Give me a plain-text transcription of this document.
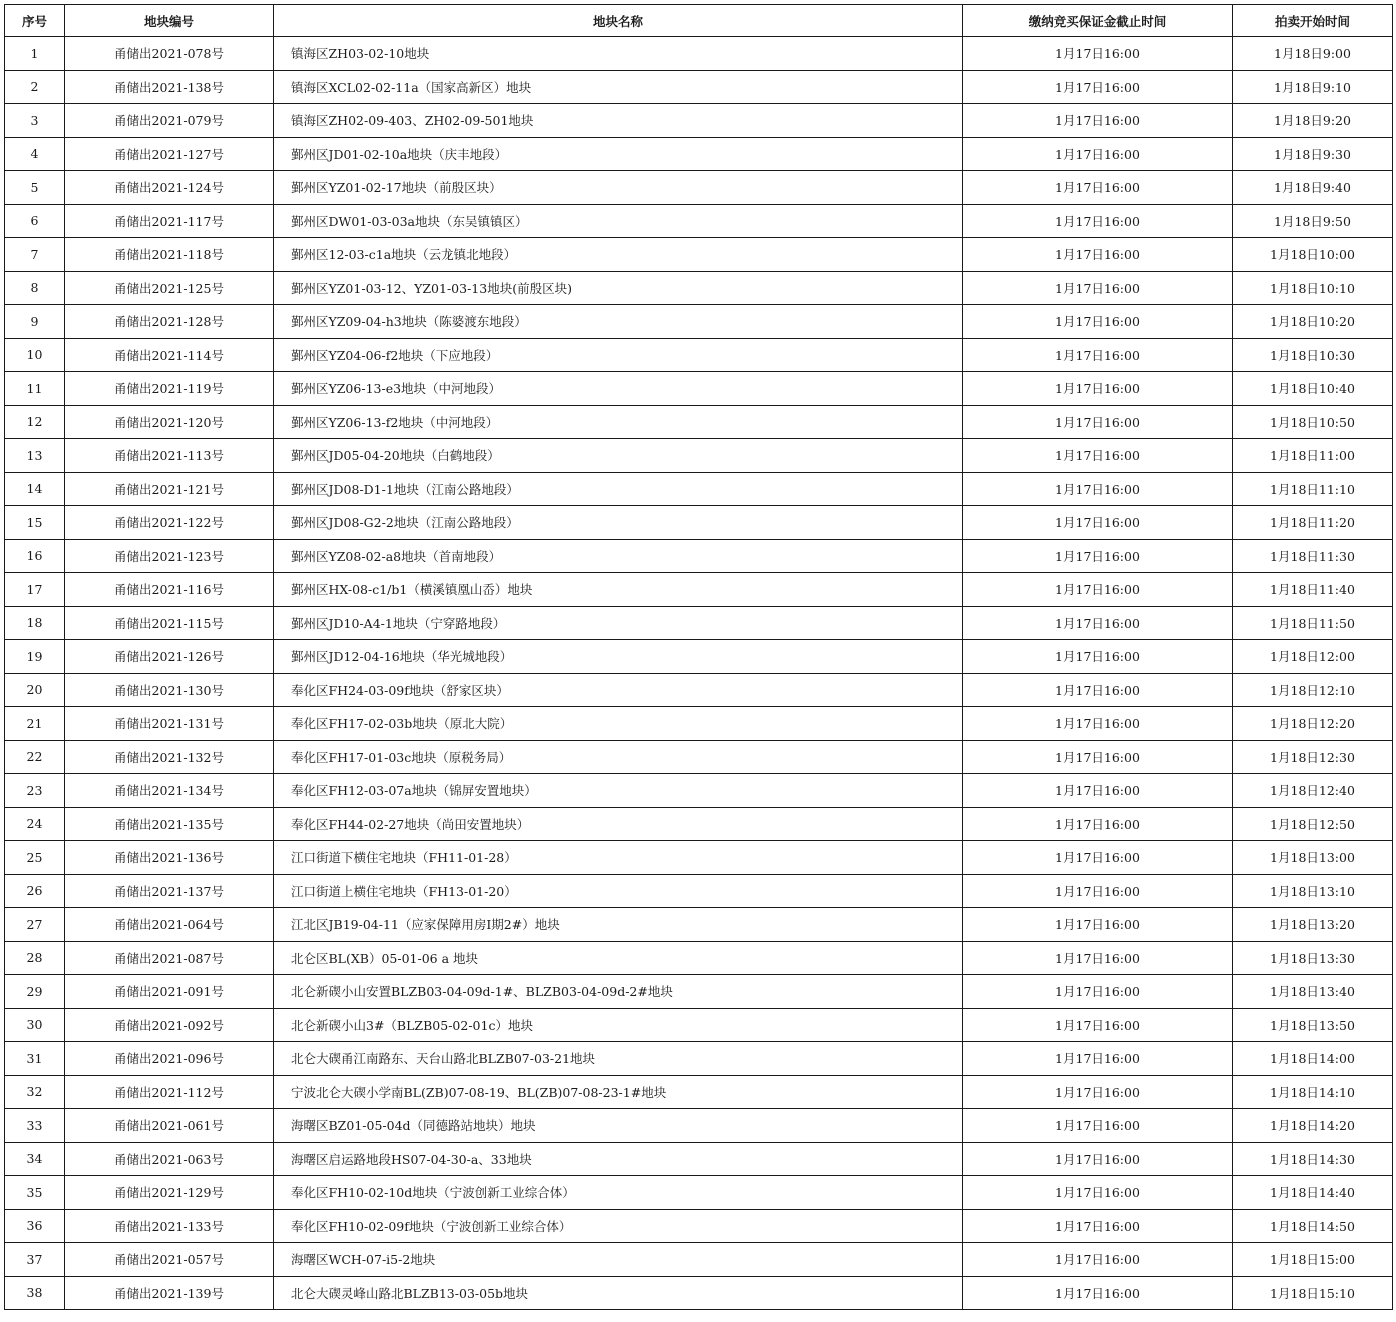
序号	地块编号	地块名称	缴纳竞买保证金截止时间	拍卖开始时间
1	甬储出2021-078号	镇海区ZH03-02-10地块	1月17日16:00	1月18日9:00
2	甬储出2021-138号	镇海区XCL02-02-11a（国家高新区）地块	1月17日16:00	1月18日9:10
3	甬储出2021-079号	镇海区ZH02-09-403、ZH02-09-501地块	1月17日16:00	1月18日9:20
4	甬储出2021-127号	鄞州区JD01-02-10a地块（庆丰地段）	1月17日16:00	1月18日9:30
5	甬储出2021-124号	鄞州区YZ01-02-17地块（前殷区块）	1月17日16:00	1月18日9:40
6	甬储出2021-117号	鄞州区DW01-03-03a地块（东吴镇镇区）	1月17日16:00	1月18日9:50
7	甬储出2021-118号	鄞州区12-03-c1a地块（云龙镇北地段）	1月17日16:00	1月18日10:00
8	甬储出2021-125号	鄞州区YZ01-03-12、YZ01-03-13地块(前殷区块)	1月17日16:00	1月18日10:10
9	甬储出2021-128号	鄞州区YZ09-04-h3地块（陈婆渡东地段）	1月17日16:00	1月18日10:20
10	甬储出2021-114号	鄞州区YZ04-06-f2地块（下应地段）	1月17日16:00	1月18日10:30
11	甬储出2021-119号	鄞州区YZ06-13-e3地块（中河地段）	1月17日16:00	1月18日10:40
12	甬储出2021-120号	鄞州区YZ06-13-f2地块（中河地段）	1月17日16:00	1月18日10:50
13	甬储出2021-113号	鄞州区JD05-04-20地块（白鹤地段）	1月17日16:00	1月18日11:00
14	甬储出2021-121号	鄞州区JD08-D1-1地块（江南公路地段）	1月17日16:00	1月18日11:10
15	甬储出2021-122号	鄞州区JD08-G2-2地块（江南公路地段）	1月17日16:00	1月18日11:20
16	甬储出2021-123号	鄞州区YZ08-02-a8地块（首南地段）	1月17日16:00	1月18日11:30
17	甬储出2021-116号	鄞州区HX-08-c1/b1（横溪镇凰山岙）地块	1月17日16:00	1月18日11:40
18	甬储出2021-115号	鄞州区JD10-A4-1地块（宁穿路地段）	1月17日16:00	1月18日11:50
19	甬储出2021-126号	鄞州区JD12-04-16地块（华光城地段）	1月17日16:00	1月18日12:00
20	甬储出2021-130号	奉化区FH24-03-09f地块（舒家区块）	1月17日16:00	1月18日12:10
21	甬储出2021-131号	奉化区FH17-02-03b地块（原北大院）	1月17日16:00	1月18日12:20
22	甬储出2021-132号	奉化区FH17-01-03c地块（原税务局）	1月17日16:00	1月18日12:30
23	甬储出2021-134号	奉化区FH12-03-07a地块（锦屏安置地块）	1月17日16:00	1月18日12:40
24	甬储出2021-135号	奉化区FH44-02-27地块（尚田安置地块）	1月17日16:00	1月18日12:50
25	甬储出2021-136号	江口街道下横住宅地块（FH11-01-28）	1月17日16:00	1月18日13:00
26	甬储出2021-137号	江口街道上横住宅地块（FH13-01-20）	1月17日16:00	1月18日13:10
27	甬储出2021-064号	江北区JB19-04-11（应家保障用房I期2#）地块	1月17日16:00	1月18日13:20
28	甬储出2021-087号	北仑区BL(XB）05-01-06 a 地块	1月17日16:00	1月18日13:30
29	甬储出2021-091号	北仑新碶小山安置BLZB03-04-09d-1#、BLZB03-04-09d-2#地块	1月17日16:00	1月18日13:40
30	甬储出2021-092号	北仑新碶小山3#（BLZB05-02-01c）地块	1月17日16:00	1月18日13:50
31	甬储出2021-096号	北仑大碶甬江南路东、天台山路北BLZB07-03-21地块	1月17日16:00	1月18日14:00
32	甬储出2021-112号	宁波北仑大碶小学南BL(ZB)07-08-19、BL(ZB)07-08-23-1#地块	1月17日16:00	1月18日14:10
33	甬储出2021-061号	海曙区BZ01-05-04d（同德路站地块）地块	1月17日16:00	1月18日14:20
34	甬储出2021-063号	海曙区启运路地段HS07-04-30-a、33地块	1月17日16:00	1月18日14:30
35	甬储出2021-129号	奉化区FH10-02-10d地块（宁波创新工业综合体）	1月17日16:00	1月18日14:40
36	甬储出2021-133号	奉化区FH10-02-09f地块（宁波创新工业综合体）	1月17日16:00	1月18日14:50
37	甬储出2021-057号	海曙区WCH-07-i5-2地块	1月17日16:00	1月18日15:00
38	甬储出2021-139号	北仑大碶灵峰山路北BLZB13-03-05b地块	1月17日16:00	1月18日15:10
